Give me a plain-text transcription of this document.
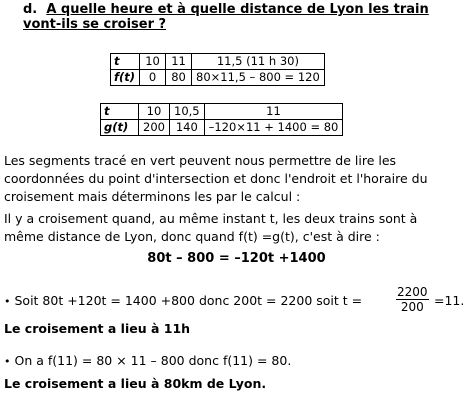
d. A quelle heure et à quelle distance de Lyon les train
vont-ils se croiser ?
t	10	11	11,5 (11 h 30)
f(t)	0	80	80×11,5 – 800 = 120
t	10	10,5	11
g(t)	200	140	–120×11 + 1400 = 80
Les segments tracé en vert peuvent nous permettre de lire les
coordonnées du point d'intersection et donc l'endroit et l'horaire du
croisement mais déterminons les par le calcul :
Il y a croisement quand, au même instant t, les deux trains sont à
même distance de Lyon, donc quand f(t) =g(t), c'est à dire :
80t – 800 = –120t +1400
• Soit 80t +120t = 1400 +800 donc 200t = 2200 soit t =	$\frac{2200}{200} =11$.
Le croisement a lieu à 11h
• On a f(11) = 80 × 11 – 800 donc f(11) = 80.
Le croisement a lieu à 80km de Lyon.
